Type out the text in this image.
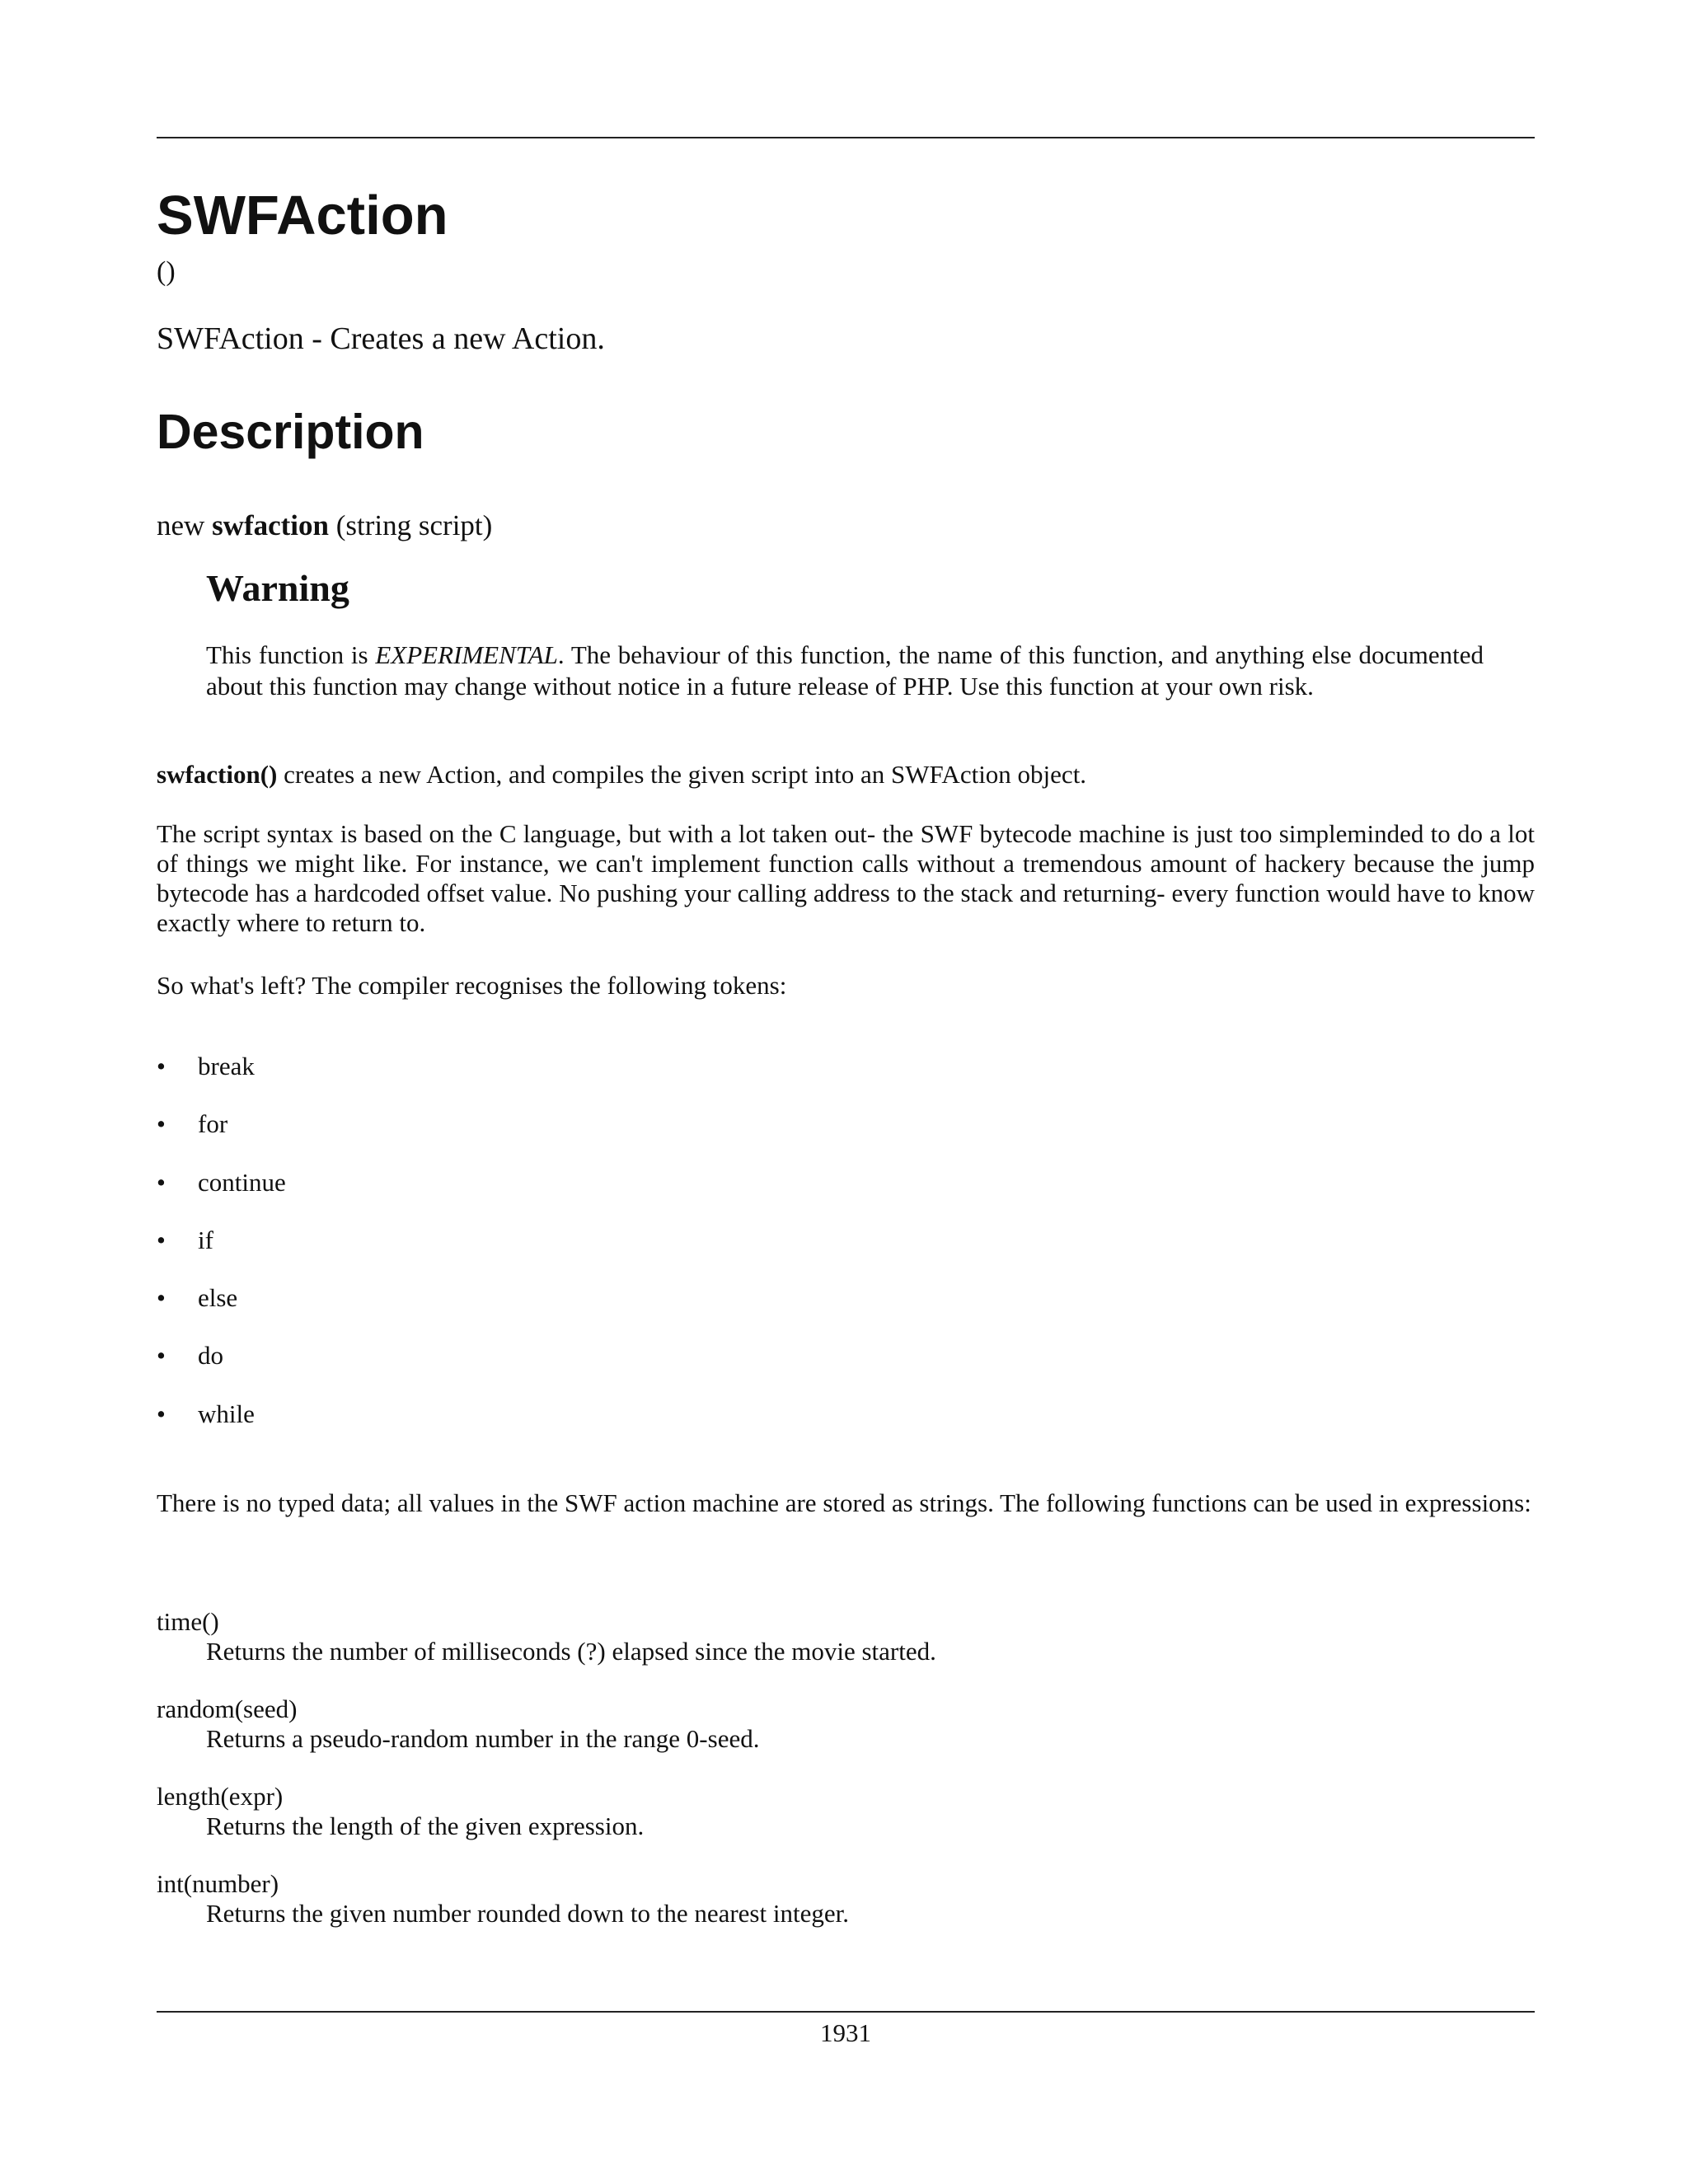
SWFAction
()
SWFAction - Creates a new Action.
Description
new swfaction (string script)
Warning

This function is EXPERIMENTAL. The behaviour of this function, the name of this function, and anything else documented about this function may change without notice in a future release of PHP. Use this function at your own risk.

swfaction() creates a new Action, and compiles the given script into an SWFAction object.

The script syntax is based on the C language, but with a lot taken out- the SWF bytecode machine is just too simpleminded to do a lot of things we might like. For instance, we can't implement function calls without a tremendous amount of hackery because the jump bytecode has a hardcoded offset value. No pushing your calling address to the stack and returning- every function would have to know exactly where to return to.

So what's left? The compiler recognises the following tokens:

• break
• for
• continue
• if
• else
• do
• while

There is no typed data; all values in the SWF action machine are stored as strings. The following functions can be used in expressions:

time()
Returns the number of milliseconds (?) elapsed since the movie started.
random(seed)
Returns a pseudo-random number in the range 0-seed.
length(expr)
Returns the length of the given expression.
int(number)
Returns the given number rounded down to the nearest integer.
1931
